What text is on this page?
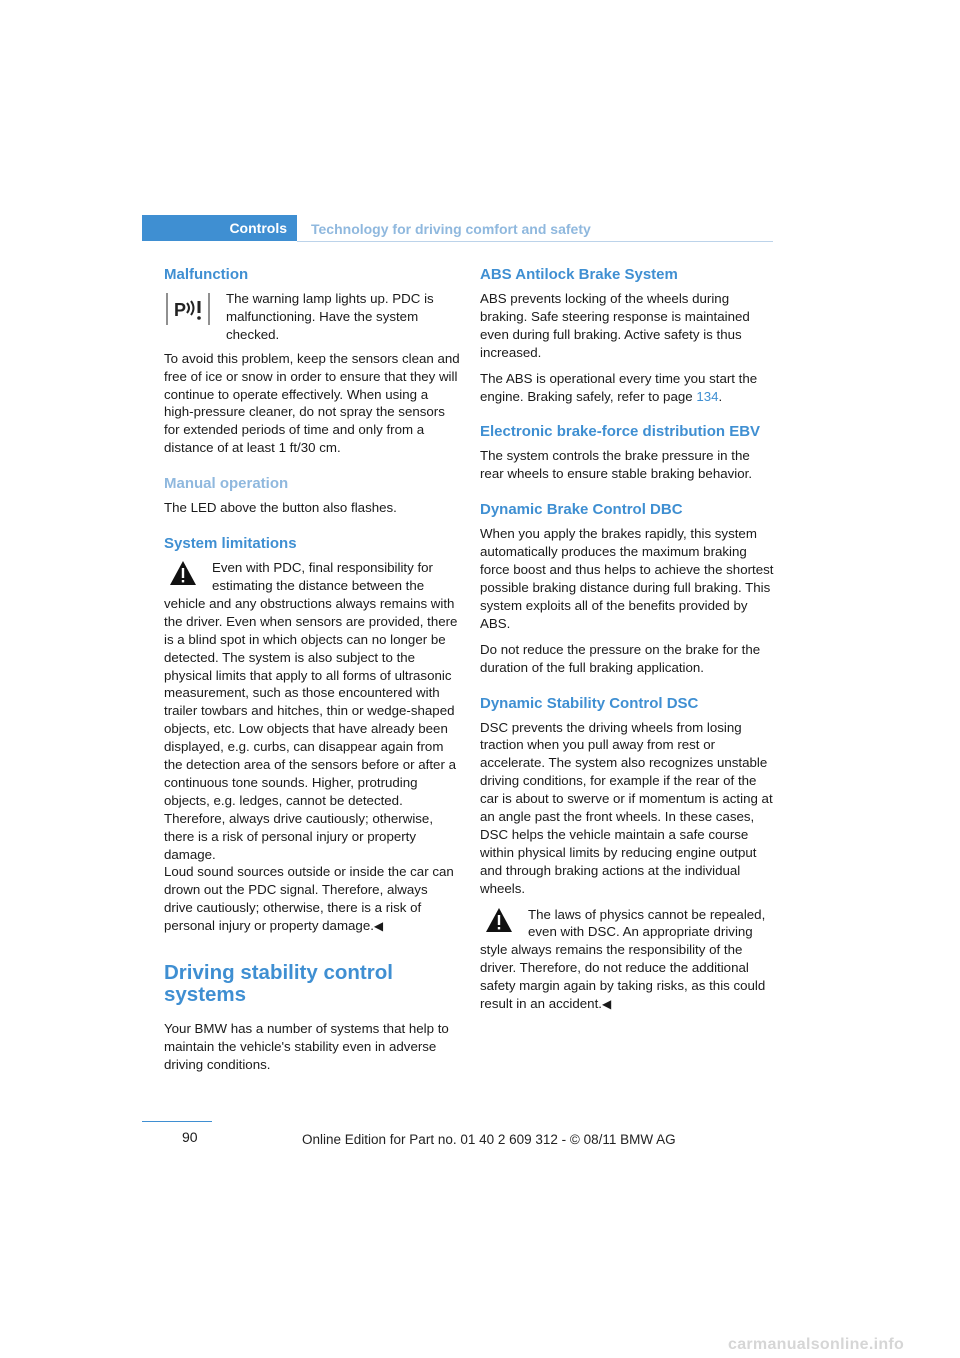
Controls Technology for driving comfort and safety
Malfunction
P

The warning lamp lights up. PDC is malfunctioning. Have the system checked.

To avoid this problem, keep the sensors clean and free of ice or snow in order to ensure that they will continue to operate effectively. When using a high-pressure cleaner, do not spray the sensors for extended periods of time and only from a distance of at least 1 ft/30 cm.

Manual operation

The LED above the button also flashes.

System limitations

Even with PDC, final responsibility for estimating the distance between the vehicle and any obstructions always remains with the driver. Even when sensors are provided, there is a blind spot in which objects can no longer be detected. The system is also subject to the physical limits that apply to all forms of ultrasonic measurement, such as those encountered with trailer towbars and hitches, thin or wedge-shaped objects, etc. Low objects that have already been displayed, e.g. curbs, can disappear again from the detection area of the sensors before or after a continuous tone sounds. Higher, protruding objects, e.g. ledges, cannot be detected. Therefore, always drive cautiously; otherwise, there is a risk of personal injury or property damage.

Loud sound sources outside or inside the car can drown out the PDC signal. Therefore, always drive cautiously; otherwise, there is a risk of personal injury or property damage.◀

Driving stability control systems

Your BMW has a number of systems that help to maintain the vehicle's stability even in adverse driving conditions.

ABS Antilock Brake System

ABS prevents locking of the wheels during braking. Safe steering response is maintained even during full braking. Active safety is thus increased.

The ABS is operational every time you start the engine. Braking safely, refer to page 134.

Electronic brake-force distribution EBV

The system controls the brake pressure in the rear wheels to ensure stable braking behavior.

Dynamic Brake Control DBC

When you apply the brakes rapidly, this system automatically produces the maximum braking force boost and thus helps to achieve the shortest possible braking distance during full braking. This system exploits all of the benefits provided by ABS.

Do not reduce the pressure on the brake for the duration of the full braking application.

Dynamic Stability Control DSC

DSC prevents the driving wheels from losing traction when you pull away from rest or accelerate. The system also recognizes unstable driving conditions, for example if the rear of the car is about to swerve or if momentum is acting at an angle past the front wheels. In these cases, DSC helps the vehicle maintain a safe course within physical limits by reducing engine output and through braking actions at the individual wheels.

The laws of physics cannot be repealed, even with DSC. An appropriate driving style always remains the responsibility of the driver. Therefore, do not reduce the additional safety margin again by taking risks, as this could result in an accident.◀

90	Online Edition for Part no. 01 40 2 609 312 - © 08/11 BMW AG
carmanualsonline.info
